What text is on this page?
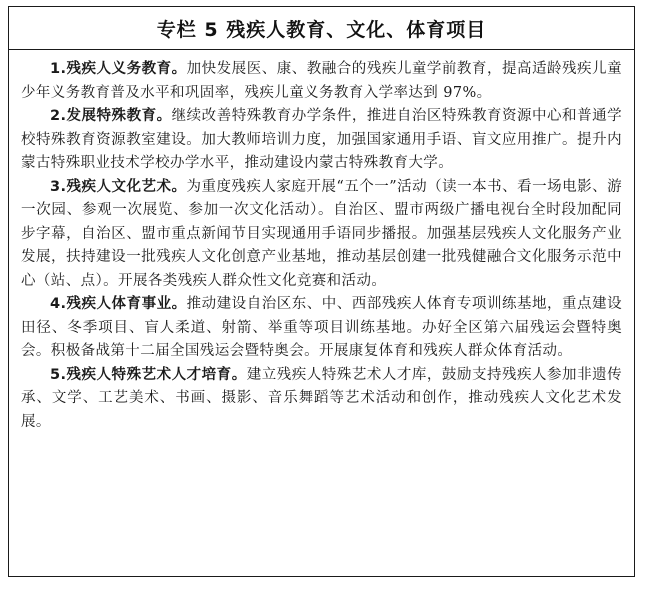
专栏 5 残疾人教育、文化、体育项目

1.残疾人义务教育。加快发展医、康、教融合的残疾儿童学前教育，提高适龄残疾儿童少年义务教育普及水平和巩固率，残疾儿童义务教育入学率达到 97%。

2.发展特殊教育。继续改善特殊教育办学条件，推进自治区特殊教育资源中心和普通学校特殊教育资源教室建设。加大教师培训力度，加强国家通用手语、盲文应用推广。提升内蒙古特殊职业技术学校办学水平，推动建设内蒙古特殊教育大学。

3.残疾人文化艺术。为重度残疾人家庭开展“五个一”活动（读一本书、看一场电影、游一次园、参观一次展览、参加一次文化活动）。自治区、盟市两级广播电视台全时段加配同步字幕，自治区、盟市重点新闻节目实现通用手语同步播报。加强基层残疾人文化服务产业发展，扶持建设一批残疾人文化创意产业基地，推动基层创建一批残健融合文化服务示范中心（站、点）。开展各类残疾人群众性文化竞赛和活动。

4.残疾人体育事业。推动建设自治区东、中、西部残疾人体育专项训练基地，重点建设田径、冬季项目、盲人柔道、射箭、举重等项目训练基地。办好全区第六届残运会暨特奥会。积极备战第十二届全国残运会暨特奥会。开展康复体育和残疾人群众体育活动。

5.残疾人特殊艺术人才培育。建立残疾人特殊艺术人才库，鼓励支持残疾人参加非遗传承、文学、工艺美术、书画、摄影、音乐舞蹈等艺术活动和创作，推动残疾人文化艺术发展。
